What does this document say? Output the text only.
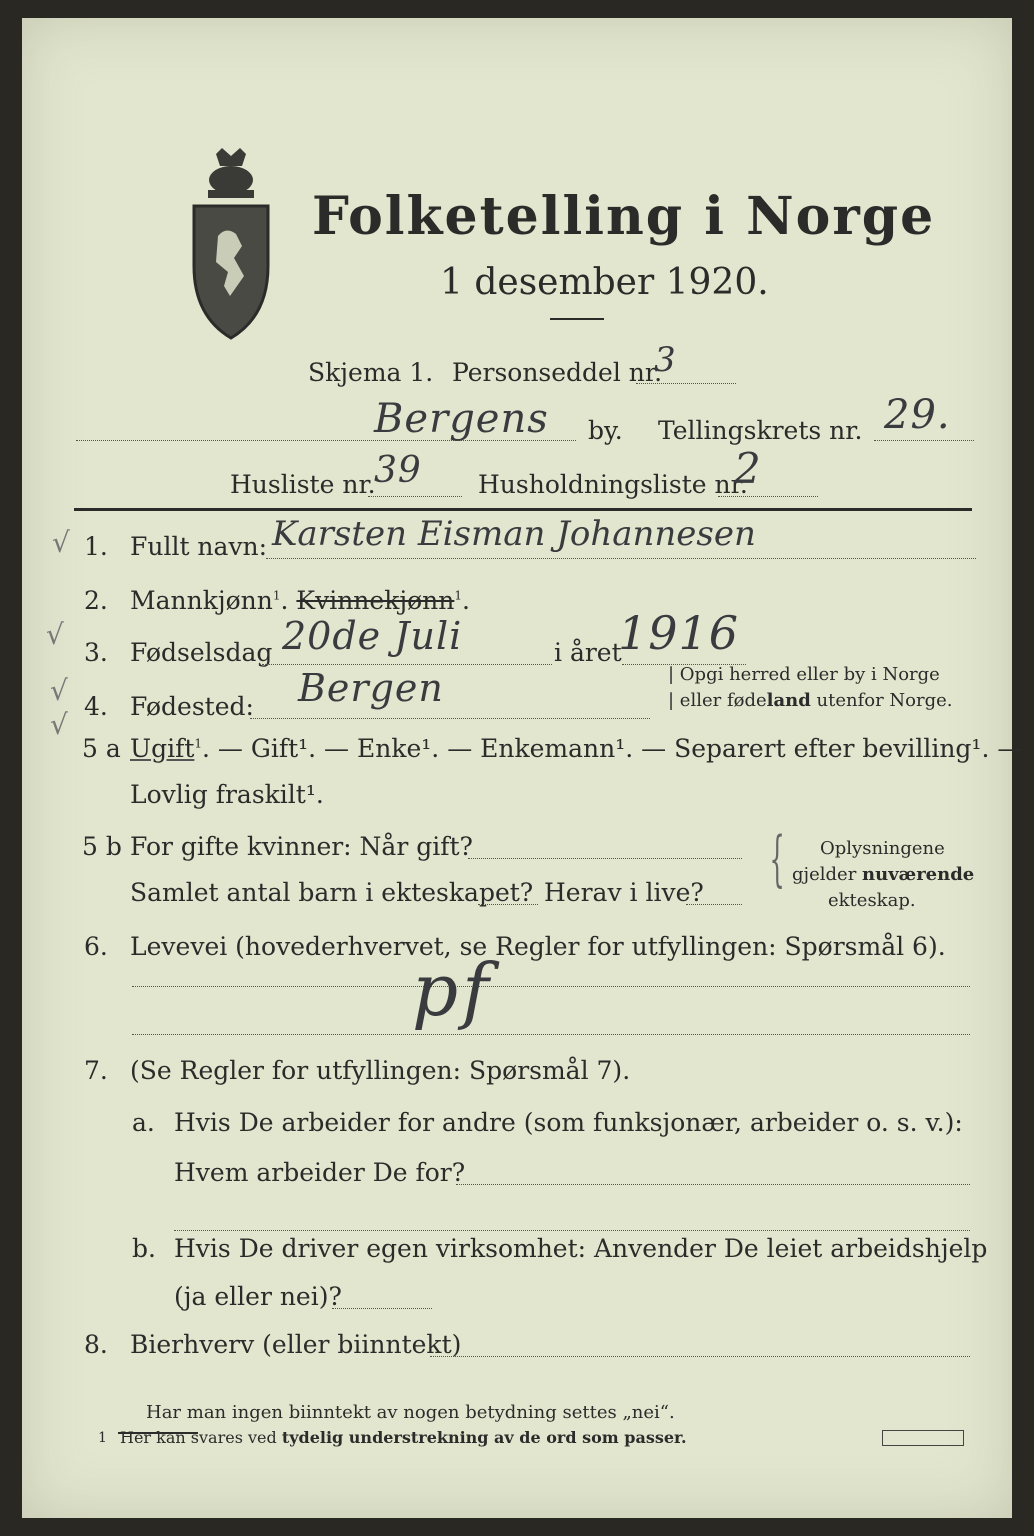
Folketelling i Norge
1 desember 1920.
Skjema 1. Personseddel nr.
3
Bergens by. Tellingskrets nr. 29.
Husliste nr.
39 Husholdningsliste nr.
2
√
√
√
√
1. Fullt navn: Karsten Eisman Johannesen
2. Mannkjønn$^1$. Kvinnekjønn$^1$.
3. Fødselsdag 20de Juli	i året
1916
4. Fødested: Bergen	| Opgi herred eller by i Norge
| eller fødeland utenfor Norge.
5 a Ugift$^1$. — Gift¹. — Enke¹. — Enkemann¹. — Separert efter bevilling¹. —
Lovlig fraskilt¹.
5 b For gifte kvinner: Når gift?
Samlet antal barn i ekteskapet? Herav i live? { Oplysningene
gjelder nuværende
ekteskap.
6. Levevei (hovederhvervet, se Regler for utfyllingen: Spørsmål 6).
pf
7. (Se Regler for utfyllingen: Spørsmål 7).
a. Hvis De arbeider for andre (som funksjonær, arbeider o. s. v.):
Hvem arbeider De for?
b. Hvis De driver egen virksomhet: Anvender De leiet arbeidshjelp
(ja eller nei)?
8. Bierhverv (eller biinntekt)
Har man ingen biinntekt av nogen betydning settes „nei“.
1 Her kan svares ved tydelig understrekning av de ord som passer.
